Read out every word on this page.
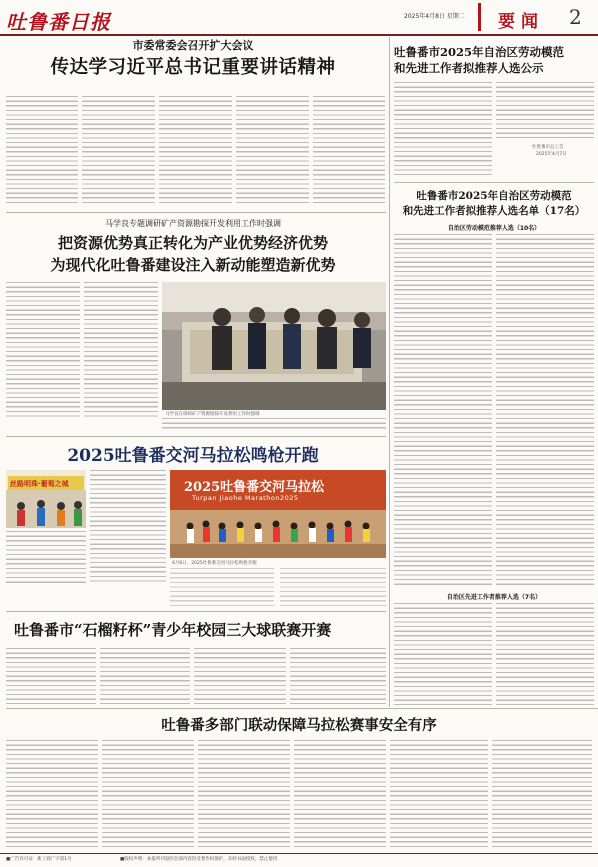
吐鲁番日报	2025年4月8日 星期二 要闻 2
市委常委会召开扩大会议
传达学习近平总书记重要讲话精神
马学良专题调研矿产资源勘探开发利用工作时强调
把资源优势真正转化为产业优势经济优势
为现代化吐鲁番建设注入新动能塑造新优势
马学良在调研矿产资源勘探开发利用工作时强调
2025吐鲁番交河马拉松鸣枪开跑
丝路明珠·葡萄之城	2025吐鲁番交河马拉松
Turpan Jiaohe Marathon2025
4月6日，2025吐鲁番交河马拉松鸣枪开跑
吐鲁番市“石榴籽杯”青少年校园三大球联赛开赛
吐鲁番多部门联动保障马拉松赛事安全有序
吐鲁番市2025年自治区劳动模范
和先进工作者拟推荐人选公示
吐鲁番市总工会
2025年4月7日
吐鲁番市2025年自治区劳动模范
和先进工作者拟推荐人选名单（17名）
自治区劳动模范推荐人选（10名）
自治区先进工作者推荐人选（7名）
■广告许可证：新工商广字第1号	■版权声明：本报所刊登的全部内容均受著作权保护，未经书面授权，禁止使用
